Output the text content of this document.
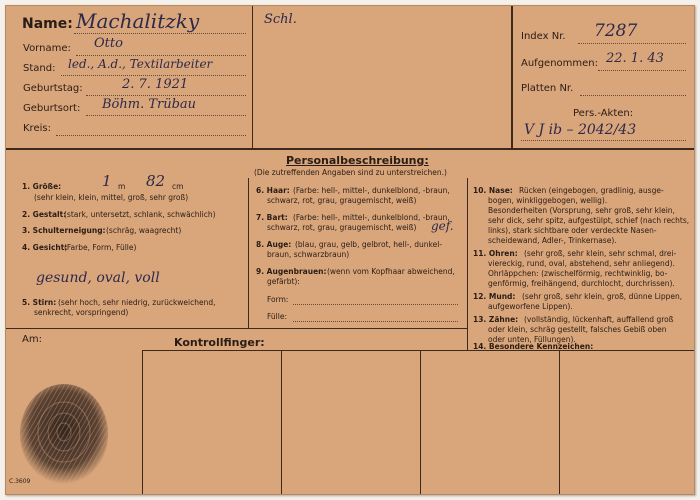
Name: Machalitzky
Vorname: Otto
Stand: led., A.d., Textilarbeiter
Geburtstag:	2. 7. 1921
Geburtsort: Böhm. Trübau
Kreis:
Schl.
Index Nr. 7287
Aufgenommen: 22. 1. 43
Platten Nr.
Pers.-Akten:
V J ib – 2042/43
Personalbeschreibung:
(Die zutreffenden Angaben sind zu unterstreichen.)
1. Größe:	1 m 82 cm
(sehr klein, klein, mittel, groß, sehr groß)
2. Gestalt:
(stark, untersetzt, schlank, schwächlich)
3. Schulterneigung: (schräg, waagrecht)
4. Gesicht:
(Farbe, Form, Fülle)
gesund, oval, voll
5. Stirn: (sehr hoch, sehr niedrig, zurückweichend,
senkrecht, vorspringend)
6. Haar: (Farbe: hell-, mittel-, dunkelblond, -braun,
schwarz, rot, grau, graugemischt, weiß)
7. Bart: (Farbe: hell-, mittel-, dunkelblond, -braun,
schwarz, rot, grau, graugemischt, weiß) gef.
8. Auge: (blau, grau, gelb, gelbrot, hell-, dunkel-
braun, schwarzbraun)
9. Augenbrauen: (wenn vom Kopfhaar abweichend,
gefärbt):
Form:
Fülle:
10. Nase: Rücken (eingebogen, gradlinig, ausge-
bogen, winkliggebogen, wellig).
Besonderheiten (Vorsprung, sehr groß, sehr klein,
sehr dick, sehr spitz, aufgestülpt, schief (nach rechts,
links), stark sichtbare oder verdeckte Nasen-
scheidewand, Adler-, Trinkernase).
11. Ohren: (sehr groß, sehr klein, sehr schmal, drei-
viereckig, rund, oval, abstehend, sehr anliegend).
Ohrläppchen: (zwischelförmig, rechtwinklig, bo-
genförmig, freihängend, durchlocht, durchrissen).
12. Mund: (sehr groß, sehr klein, groß, dünne Lippen,
aufgeworfene Lippen).
13. Zähne: (vollständig, lückenhaft, auffallend groß
oder klein, schräg gestellt, falsches Gebiß oben
oder unten, Füllungen).
14. Besondere Kennzeichen:
Am:	Kontrollfinger:
C.3609
